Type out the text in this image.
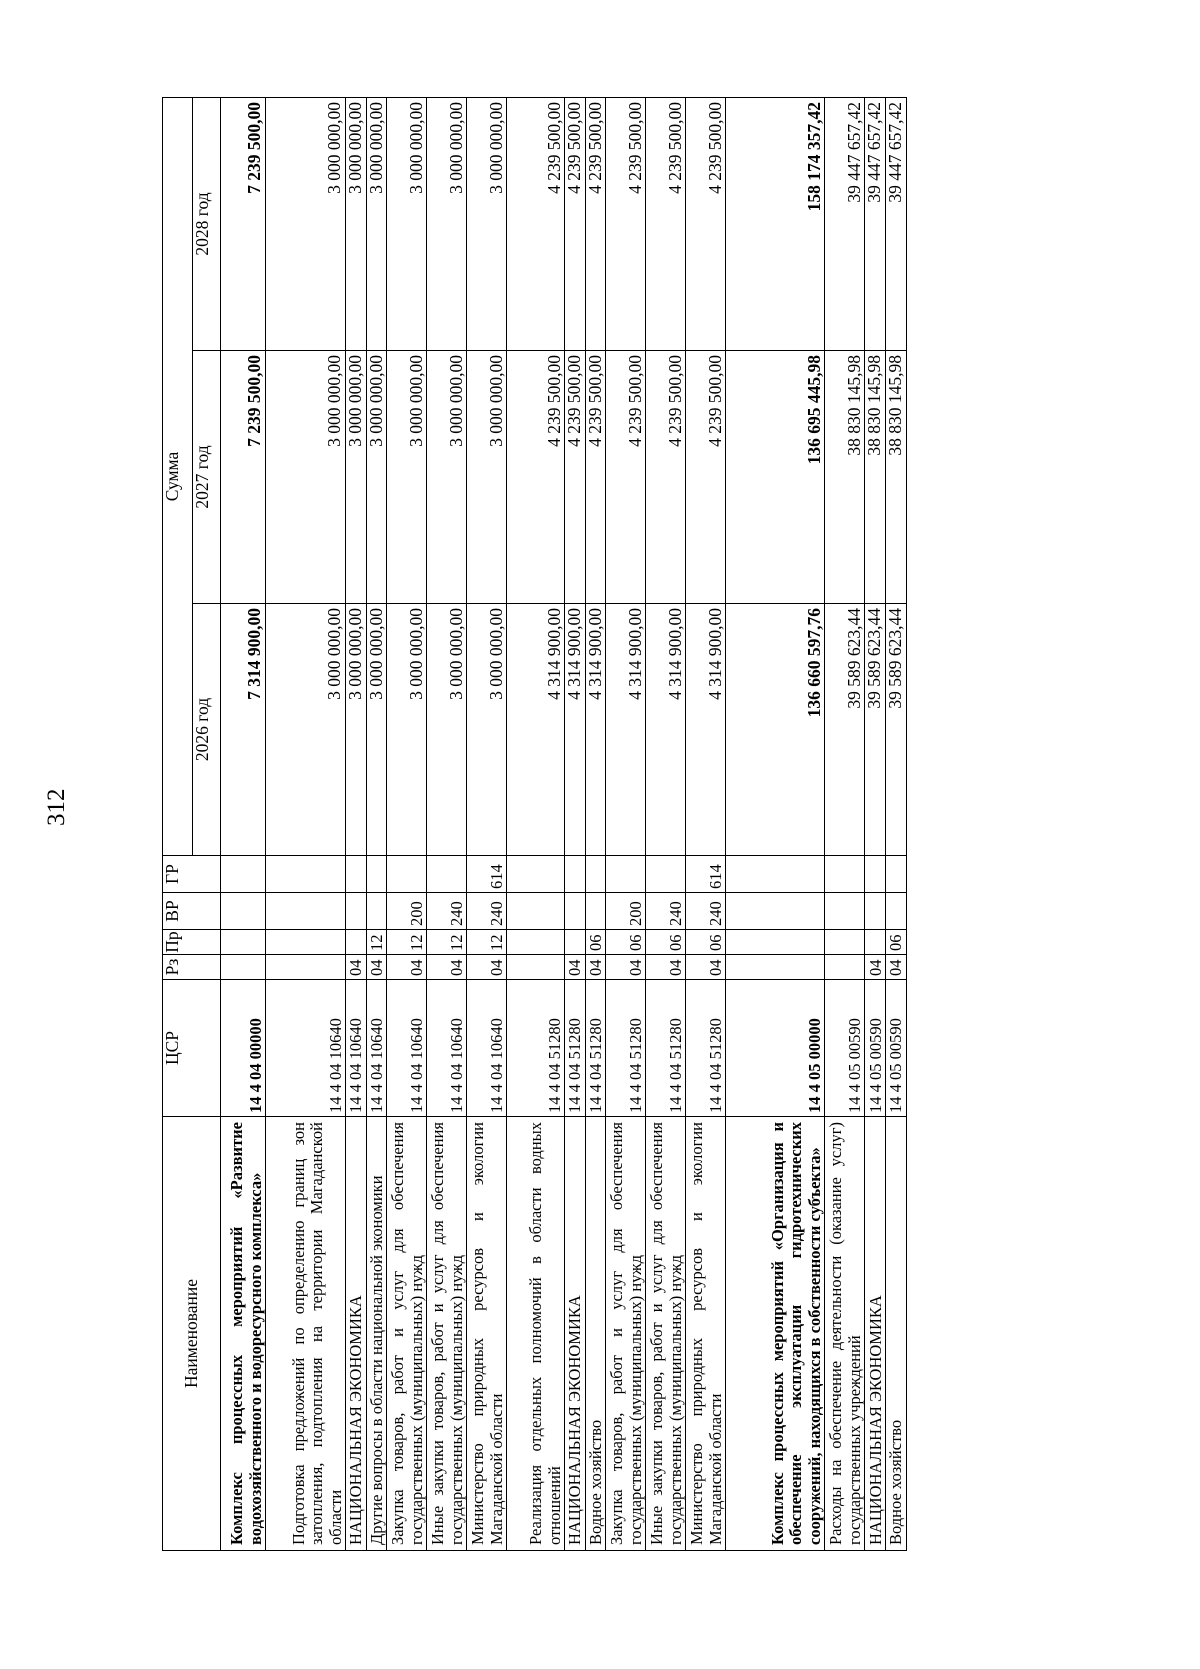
312
Наименование	ЦСР	Рз	Пр	ВР	ГР	Сумма		
						2026 год	2027 год	2028 год
Комплекс процессных мероприятий «Развитие водохозяйственного и водоресурсного комплекса»	14 4 04 00000					7 314 900,00	7 239 500,00	7 239 500,00
Подготовка предложений по определению границ зон затопления, подтопления на территории Магаданской области	14 4 04 10640					3 000 000,00	3 000 000,00	3 000 000,00
НАЦИОНАЛЬНАЯ ЭКОНОМИКА	14 4 04 10640	04				3 000 000,00	3 000 000,00	3 000 000,00
Другие вопросы в области национальной экономики	14 4 04 10640	04	12			3 000 000,00	3 000 000,00	3 000 000,00
Закупка товаров, работ и услуг для обеспечения государственных (муниципальных) нужд	14 4 04 10640	04	12	200		3 000 000,00	3 000 000,00	3 000 000,00
Иные закупки товаров, работ и услуг для обеспечения государственных (муниципальных) нужд	14 4 04 10640	04	12	240		3 000 000,00	3 000 000,00	3 000 000,00
Министерство природных ресурсов и экологии Магаданской области	14 4 04 10640	04	12	240	614	3 000 000,00	3 000 000,00	3 000 000,00
Реализация отдельных полномочий в области водных отношений	14 4 04 51280					4 314 900,00	4 239 500,00	4 239 500,00
НАЦИОНАЛЬНАЯ ЭКОНОМИКА	14 4 04 51280	04				4 314 900,00	4 239 500,00	4 239 500,00
Водное хозяйство	14 4 04 51280	04	06			4 314 900,00	4 239 500,00	4 239 500,00
Закупка товаров, работ и услуг для обеспечения государственных (муниципальных) нужд	14 4 04 51280	04	06	200		4 314 900,00	4 239 500,00	4 239 500,00
Иные закупки товаров, работ и услуг для обеспечения государственных (муниципальных) нужд	14 4 04 51280	04	06	240		4 314 900,00	4 239 500,00	4 239 500,00
Министерство природных ресурсов и экологии Магаданской области	14 4 04 51280	04	06	240	614	4 314 900,00	4 239 500,00	4 239 500,00
Комплекс процессных мероприятий «Организация и обеспечение эксплуатации гидротехнических сооружений, находящихся в собственности субъекта»	14 4 05 00000					136 660 597,76	136 695 445,98	158 174 357,42
Расходы на обеспечение деятельности (оказание услуг) государственных учреждений	14 4 05 00590					39 589 623,44	38 830 145,98	39 447 657,42
НАЦИОНАЛЬНАЯ ЭКОНОМИКА	14 4 05 00590	04				39 589 623,44	38 830 145,98	39 447 657,42
Водное хозяйство	14 4 05 00590	04	06			39 589 623,44	38 830 145,98	39 447 657,42
